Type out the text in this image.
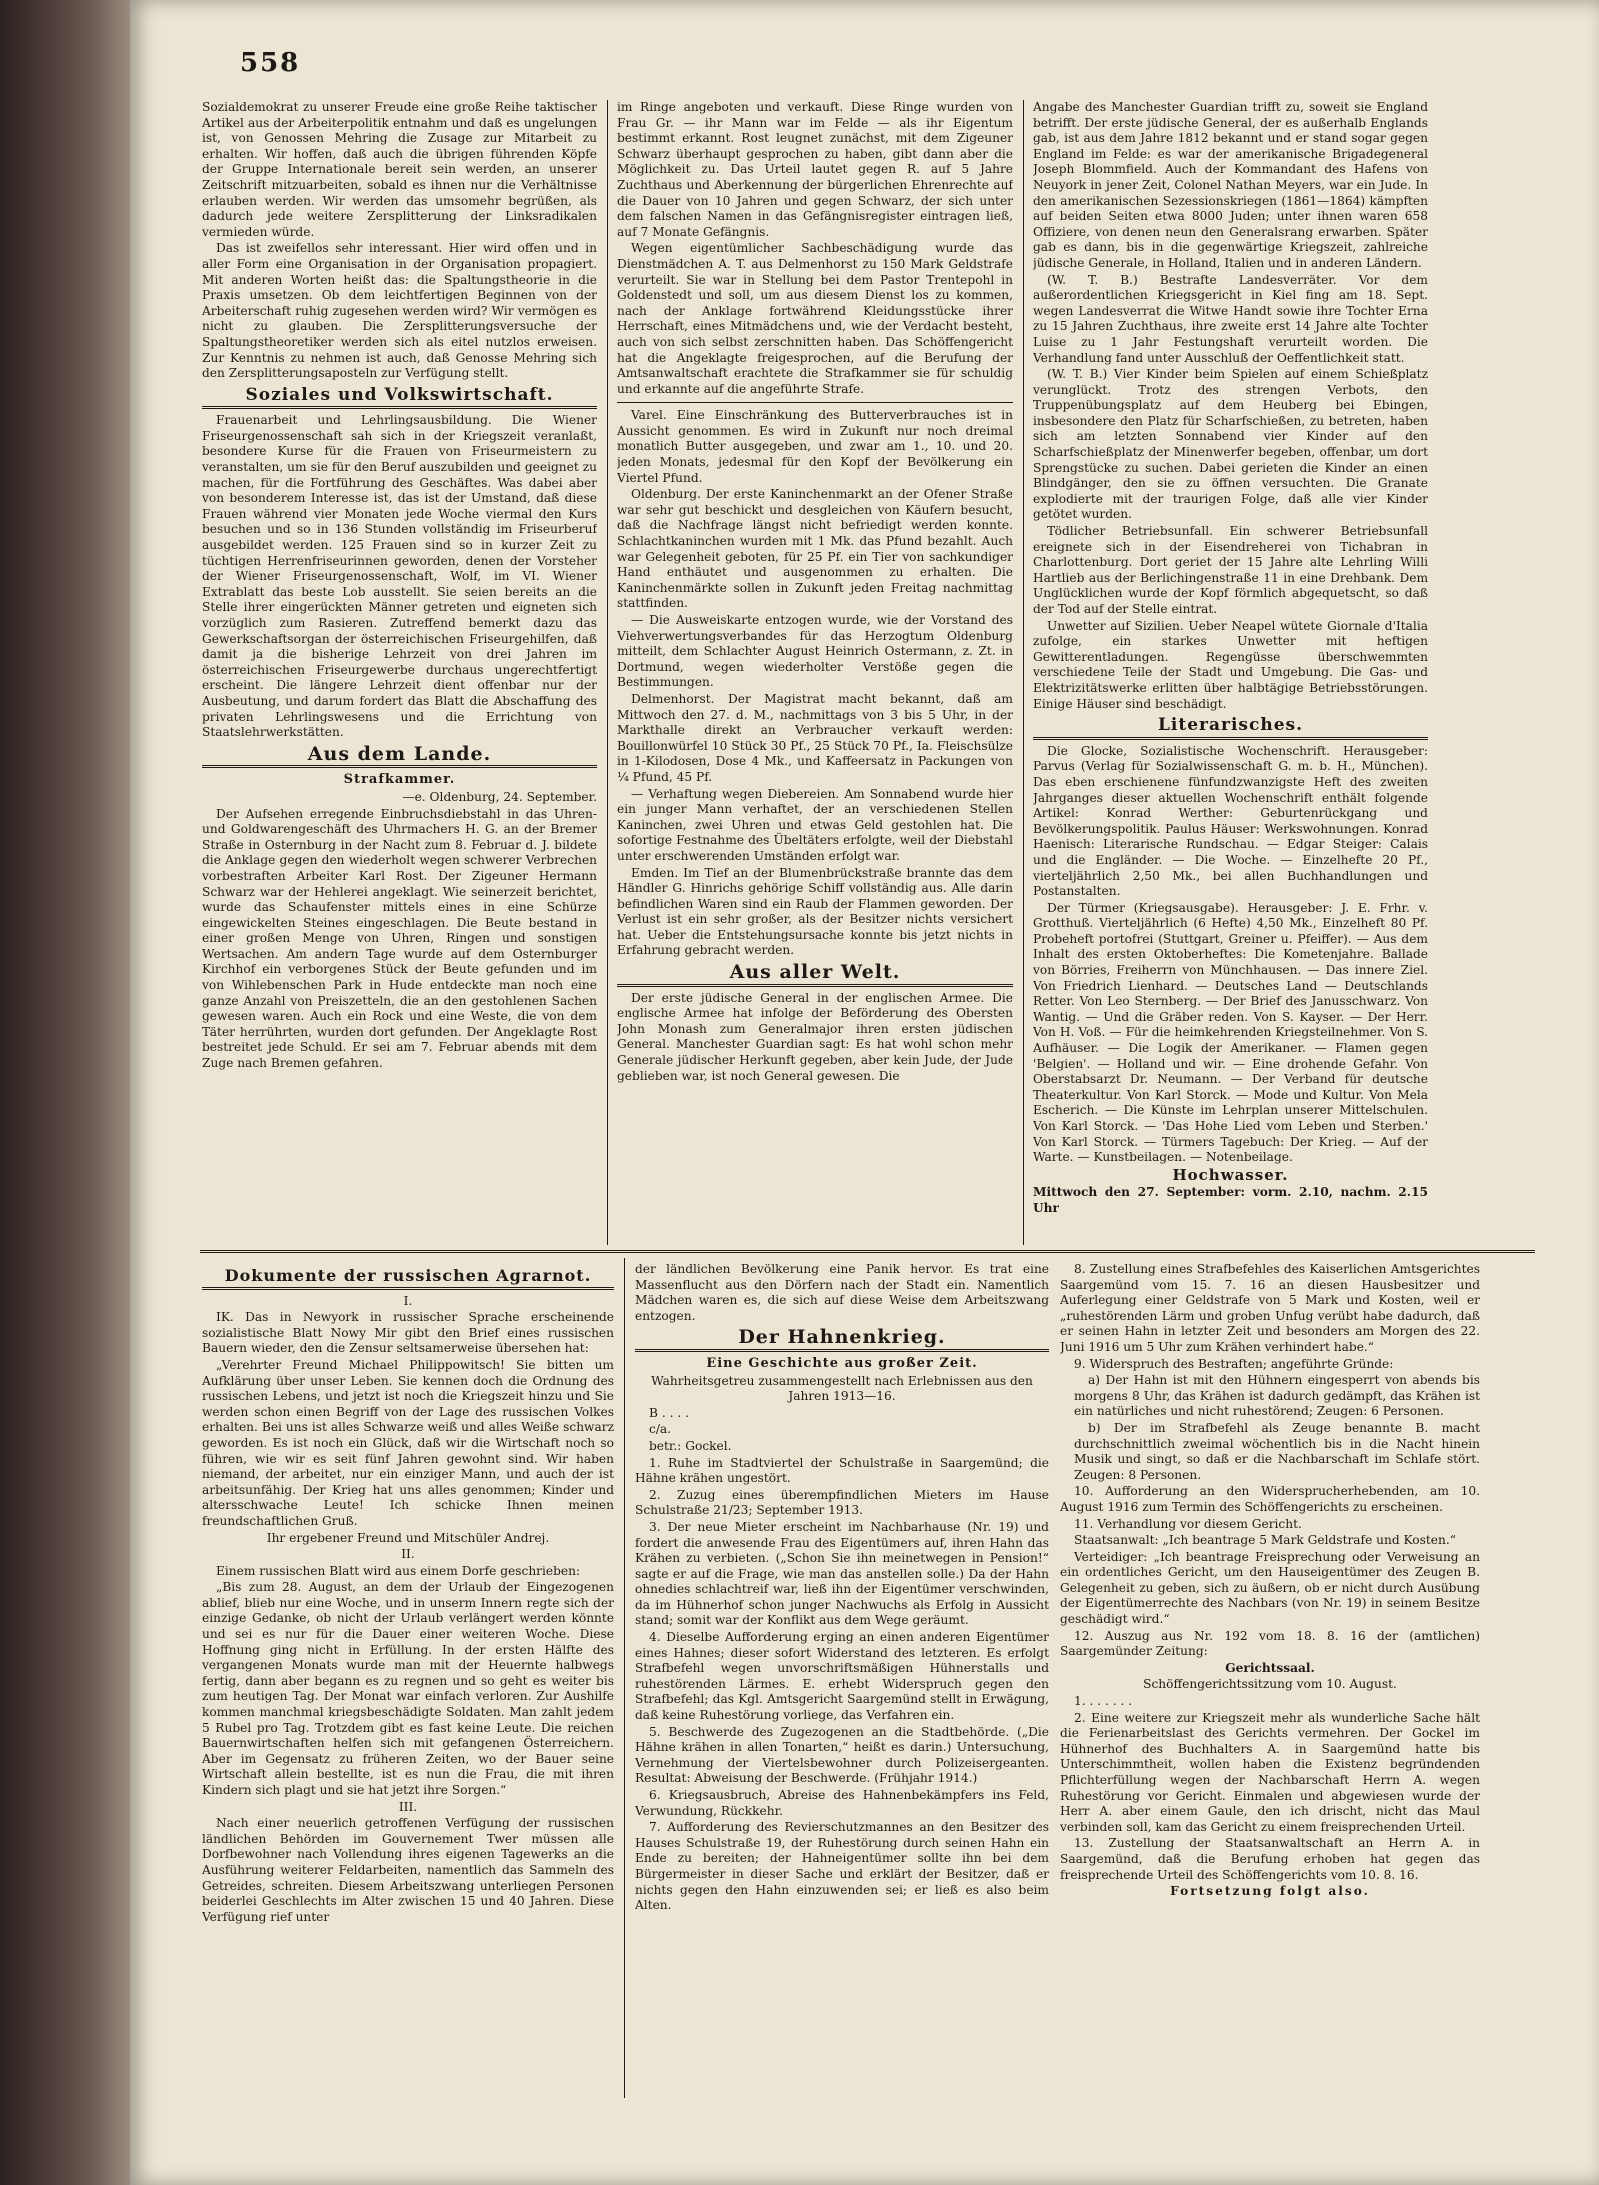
558

Sozialdemokrat zu unserer Freude eine große Reihe taktischer Artikel aus der Arbeiterpolitik entnahm und daß es ungelungen ist, von Genossen Mehring die Zusage zur Mitarbeit zu erhalten. Wir hoffen, daß auch die übrigen führenden Köpfe der Gruppe Internationale bereit sein werden, an unserer Zeitschrift mitzuarbeiten, sobald es ihnen nur die Verhältnisse erlauben werden. Wir werden das umsomehr begrüßen, als dadurch jede weitere Zersplitterung der Linksradikalen vermieden würde.

Das ist zweifellos sehr interessant. Hier wird offen und in aller Form eine Organisation in der Organisation propagiert. Mit anderen Worten heißt das: die Spaltungstheorie in die Praxis umsetzen. Ob dem leichtfertigen Beginnen von der Arbeiterschaft ruhig zugesehen werden wird? Wir vermögen es nicht zu glauben. Die Zersplitterungsversuche der Spaltungstheoretiker werden sich als eitel nutzlos erweisen. Zur Kenntnis zu nehmen ist auch, daß Genosse Mehring sich den Zersplitterungsaposteln zur Verfügung stellt.

Soziales und Volkswirtschaft.

Frauenarbeit und Lehrlingsausbildung. Die Wiener Friseurgenossenschaft sah sich in der Kriegszeit veranlaßt, besondere Kurse für die Frauen von Friseurmeistern zu veranstalten, um sie für den Beruf auszubilden und geeignet zu machen, für die Fortführung des Geschäftes. Was dabei aber von besonderem Interesse ist, das ist der Umstand, daß diese Frauen während vier Monaten jede Woche viermal den Kurs besuchen und so in 136 Stunden vollständig im Friseurberuf ausgebildet werden. 125 Frauen sind so in kurzer Zeit zu tüchtigen Herrenfriseurinnen geworden, denen der Vorsteher der Wiener Friseurgenossenschaft, Wolf, im VI. Wiener Extrablatt das beste Lob ausstellt. Sie seien bereits an die Stelle ihrer eingerückten Männer getreten und eigneten sich vorzüglich zum Rasieren. Zutreffend bemerkt dazu das Gewerkschaftsorgan der österreichischen Friseurgehilfen, daß damit ja die bisherige Lehrzeit von drei Jahren im österreichischen Friseurgewerbe durchaus ungerechtfertigt erscheint. Die längere Lehrzeit dient offenbar nur der Ausbeutung, und darum fordert das Blatt die Abschaffung des privaten Lehrlingswesens und die Errichtung von Staatslehrwerkstätten.

Aus dem Lande.
Strafkammer.

—e. Oldenburg, 24. September.

Der Aufsehen erregende Einbruchsdiebstahl in das Uhren- und Goldwarengeschäft des Uhrmachers H. G. an der Bremer Straße in Osternburg in der Nacht zum 8. Februar d. J. bildete die Anklage gegen den wiederholt wegen schwerer Verbrechen vorbestraften Arbeiter Karl Rost. Der Zigeuner Hermann Schwarz war der Hehlerei angeklagt. Wie seinerzeit berichtet, wurde das Schaufenster mittels eines in eine Schürze eingewickelten Steines eingeschlagen. Die Beute bestand in einer großen Menge von Uhren, Ringen und sonstigen Wertsachen. Am andern Tage wurde auf dem Osternburger Kirchhof ein verborgenes Stück der Beute gefunden und im von Wihlebenschen Park in Hude entdeckte man noch eine ganze Anzahl von Preiszetteln, die an den gestohlenen Sachen gewesen waren. Auch ein Rock und eine Weste, die von dem Täter herrührten, wurden dort gefunden. Der Angeklagte Rost bestreitet jede Schuld. Er sei am 7. Februar abends mit dem Zuge nach Bremen gefahren.

im Ringe angeboten und verkauft. Diese Ringe wurden von Frau Gr. — ihr Mann war im Felde — als ihr Eigentum bestimmt erkannt. Rost leugnet zunächst, mit dem Zigeuner Schwarz überhaupt gesprochen zu haben, gibt dann aber die Möglichkeit zu. Das Urteil lautet gegen R. auf 5 Jahre Zuchthaus und Aberkennung der bürgerlichen Ehrenrechte auf die Dauer von 10 Jahren und gegen Schwarz, der sich unter dem falschen Namen in das Gefängnisregister eintragen ließ, auf 7 Monate Gefängnis.

Wegen eigentümlicher Sachbeschädigung wurde das Dienstmädchen A. T. aus Delmenhorst zu 150 Mark Geldstrafe verurteilt. Sie war in Stellung bei dem Pastor Trentepohl in Goldenstedt und soll, um aus diesem Dienst los zu kommen, nach der Anklage fortwährend Kleidungsstücke ihrer Herrschaft, eines Mitmädchens und, wie der Verdacht besteht, auch von sich selbst zerschnitten haben. Das Schöffengericht hat die Angeklagte freigesprochen, auf die Berufung der Amtsanwaltschaft erachtete die Strafkammer sie für schuldig und erkannte auf die angeführte Strafe.

Varel. Eine Einschränkung des Butterverbrauches ist in Aussicht genommen. Es wird in Zukunft nur noch dreimal monatlich Butter ausgegeben, und zwar am 1., 10. und 20. jeden Monats, jedesmal für den Kopf der Bevölkerung ein Viertel Pfund.

Oldenburg. Der erste Kaninchenmarkt an der Ofener Straße war sehr gut beschickt und desgleichen von Käufern besucht, daß die Nachfrage längst nicht befriedigt werden konnte. Schlachtkaninchen wurden mit 1 Mk. das Pfund bezahlt. Auch war Gelegenheit geboten, für 25 Pf. ein Tier von sachkundiger Hand enthäutet und ausgenommen zu erhalten. Die Kaninchenmärkte sollen in Zukunft jeden Freitag nachmittag stattfinden.

— Die Ausweiskarte entzogen wurde, wie der Vorstand des Viehverwertungsverbandes für das Herzogtum Oldenburg mitteilt, dem Schlachter August Heinrich Ostermann, z. Zt. in Dortmund, wegen wiederholter Verstöße gegen die Bestimmungen.

Delmenhorst. Der Magistrat macht bekannt, daß am Mittwoch den 27. d. M., nachmittags von 3 bis 5 Uhr, in der Markthalle direkt an Verbraucher verkauft werden: Bouillonwürfel 10 Stück 30 Pf., 25 Stück 70 Pf., Ia. Fleischsülze in 1-Kilodosen, Dose 4 Mk., und Kaffeersatz in Packungen von ¼ Pfund, 45 Pf.

— Verhaftung wegen Diebereien. Am Sonnabend wurde hier ein junger Mann verhaftet, der an verschiedenen Stellen Kaninchen, zwei Uhren und etwas Geld gestohlen hat. Die sofortige Festnahme des Übeltäters erfolgte, weil der Diebstahl unter erschwerenden Umständen erfolgt war.

Emden. Im Tief an der Blumenbrückstraße brannte das dem Händler G. Hinrichs gehörige Schiff vollständig aus. Alle darin befindlichen Waren sind ein Raub der Flammen geworden. Der Verlust ist ein sehr großer, als der Besitzer nichts versichert hat. Ueber die Entstehungsursache konnte bis jetzt nichts in Erfahrung gebracht werden.

Aus aller Welt.

Der erste jüdische General in der englischen Armee. Die englische Armee hat infolge der Beförderung des Obersten John Monash zum Generalmajor ihren ersten jüdischen General. Manchester Guardian sagt: Es hat wohl schon mehr Generale jüdischer Herkunft gegeben, aber kein Jude, der Jude geblieben war, ist noch General gewesen. Die

Angabe des Manchester Guardian trifft zu, soweit sie England betrifft. Der erste jüdische General, der es außerhalb Englands gab, ist aus dem Jahre 1812 bekannt und er stand sogar gegen England im Felde: es war der amerikanische Brigadegeneral Joseph Blommfield. Auch der Kommandant des Hafens von Neuyork in jener Zeit, Colonel Nathan Meyers, war ein Jude. In den amerikanischen Sezessionskriegen (1861—1864) kämpften auf beiden Seiten etwa 8000 Juden; unter ihnen waren 658 Offiziere, von denen neun den Generalsrang erwarben. Später gab es dann, bis in die gegenwärtige Kriegszeit, zahlreiche jüdische Generale, in Holland, Italien und in anderen Ländern.

(W. T. B.) Bestrafte Landesverräter. Vor dem außerordentlichen Kriegsgericht in Kiel fing am 18. Sept. wegen Landesverrat die Witwe Handt sowie ihre Tochter Erna zu 15 Jahren Zuchthaus, ihre zweite erst 14 Jahre alte Tochter Luise zu 1 Jahr Festungshaft verurteilt worden. Die Verhandlung fand unter Ausschluß der Oeffentlichkeit statt.

(W. T. B.) Vier Kinder beim Spielen auf einem Schießplatz verunglückt. Trotz des strengen Verbots, den Truppenübungsplatz auf dem Heuberg bei Ebingen, insbesondere den Platz für Scharfschießen, zu betreten, haben sich am letzten Sonnabend vier Kinder auf den Scharfschießplatz der Minenwerfer begeben, offenbar, um dort Sprengstücke zu suchen. Dabei gerieten die Kinder an einen Blindgänger, den sie zu öffnen versuchten. Die Granate explodierte mit der traurigen Folge, daß alle vier Kinder getötet wurden.

Tödlicher Betriebsunfall. Ein schwerer Betriebsunfall ereignete sich in der Eisendreherei von Tichabran in Charlottenburg. Dort geriet der 15 Jahre alte Lehrling Willi Hartlieb aus der Berlichingenstraße 11 in eine Drehbank. Dem Unglücklichen wurde der Kopf förmlich abgequetscht, so daß der Tod auf der Stelle eintrat.

Unwetter auf Sizilien. Ueber Neapel wütete Giornale d'Italia zufolge, ein starkes Unwetter mit heftigen Gewitterentladungen. Regengüsse überschwemmten verschiedene Teile der Stadt und Umgebung. Die Gas- und Elektrizitätswerke erlitten über halbtägige Betriebsstörungen. Einige Häuser sind beschädigt.

Literarisches.

Die Glocke, Sozialistische Wochenschrift. Herausgeber: Parvus (Verlag für Sozialwissenschaft G. m. b. H., München). Das eben erschienene fünfundzwanzigste Heft des zweiten Jahrganges dieser aktuellen Wochenschrift enthält folgende Artikel: Konrad Werther: Geburtenrückgang und Bevölkerungspolitik. Paulus Häuser: Werkswohnungen. Konrad Haenisch: Literarische Rundschau. — Edgar Steiger: Calais und die Engländer. — Die Woche. — Einzelhefte 20 Pf., vierteljährlich 2,50 Mk., bei allen Buchhandlungen und Postanstalten.

Der Türmer (Kriegsausgabe). Herausgeber: J. E. Frhr. v. Grotthuß. Vierteljährlich (6 Hefte) 4,50 Mk., Einzelheft 80 Pf. Probeheft portofrei (Stuttgart, Greiner u. Pfeiffer). — Aus dem Inhalt des ersten Oktoberheftes: Die Kometenjahre. Ballade von Börries, Freiherrn von Münchhausen. — Das innere Ziel. Von Friedrich Lienhard. — Deutsches Land — Deutschlands Retter. Von Leo Sternberg. — Der Brief des Janusschwarz. Von Wantig. — Und die Gräber reden. Von S. Kayser. — Der Herr. Von H. Voß. — Für die heimkehrenden Kriegsteilnehmer. Von S. Aufhäuser. — Die Logik der Amerikaner. — Flamen gegen 'Belgien'. — Holland und wir. — Eine drohende Gefahr. Von Oberstabsarzt Dr. Neumann. — Der Verband für deutsche Theaterkultur. Von Karl Storck. — Mode und Kultur. Von Mela Escherich. — Die Künste im Lehrplan unserer Mittelschulen. Von Karl Storck. — 'Das Hohe Lied vom Leben und Sterben.' Von Karl Storck. — Türmers Tagebuch: Der Krieg. — Auf der Warte. — Kunstbeilagen. — Notenbeilage.

Hochwasser.

Mittwoch den 27. September: vorm. 2.10, nachm. 2.15 Uhr

Dokumente der russischen Agrarnot.

I.

IK. Das in Newyork in russischer Sprache erscheinende sozialistische Blatt Nowy Mir gibt den Brief eines russischen Bauern wieder, den die Zensur seltsamerweise übersehen hat:

„Verehrter Freund Michael Philippowitsch! Sie bitten um Aufklärung über unser Leben. Sie kennen doch die Ordnung des russischen Lebens, und jetzt ist noch die Kriegszeit hinzu und Sie werden schon einen Begriff von der Lage des russischen Volkes erhalten. Bei uns ist alles Schwarze weiß und alles Weiße schwarz geworden. Es ist noch ein Glück, daß wir die Wirtschaft noch so führen, wie wir es seit fünf Jahren gewohnt sind. Wir haben niemand, der arbeitet, nur ein einziger Mann, und auch der ist arbeitsunfähig. Der Krieg hat uns alles genommen; Kinder und altersschwache Leute! Ich schicke Ihnen meinen freundschaftlichen Gruß.

Ihr ergebener Freund und Mitschüler Andrej.

II.

Einem russischen Blatt wird aus einem Dorfe geschrieben:

„Bis zum 28. August, an dem der Urlaub der Eingezogenen ablief, blieb nur eine Woche, und in unserm Innern regte sich der einzige Gedanke, ob nicht der Urlaub verlängert werden könnte und sei es nur für die Dauer einer weiteren Woche. Diese Hoffnung ging nicht in Erfüllung. In der ersten Hälfte des vergangenen Monats wurde man mit der Heuernte halbwegs fertig, dann aber begann es zu regnen und so geht es weiter bis zum heutigen Tag. Der Monat war einfach verloren. Zur Aushilfe kommen manchmal kriegsbeschädigte Soldaten. Man zahlt jedem 5 Rubel pro Tag. Trotzdem gibt es fast keine Leute. Die reichen Bauernwirtschaften helfen sich mit gefangenen Österreichern. Aber im Gegensatz zu früheren Zeiten, wo der Bauer seine Wirtschaft allein bestellte, ist es nun die Frau, die mit ihren Kindern sich plagt und sie hat jetzt ihre Sorgen.“

III.

Nach einer neuerlich getroffenen Verfügung der russischen ländlichen Behörden im Gouvernement Twer müssen alle Dorfbewohner nach Vollendung ihres eigenen Tagewerks an die Ausführung weiterer Feldarbeiten, namentlich das Sammeln des Getreides, schreiten. Diesem Arbeitszwang unterliegen Personen beiderlei Geschlechts im Alter zwischen 15 und 40 Jahren. Diese Verfügung rief unter

der ländlichen Bevölkerung eine Panik hervor. Es trat eine Massenflucht aus den Dörfern nach der Stadt ein. Namentlich Mädchen waren es, die sich auf diese Weise dem Arbeitszwang entzogen.

Der Hahnenkrieg.
Eine Geschichte aus großer Zeit.

Wahrheitsgetreu zusammengestellt nach Erlebnissen aus den Jahren 1913—16.

B . . . .

c/a.

betr.: Gockel.

1. Ruhe im Stadtviertel der Schulstraße in Saargemünd; die Hähne krähen ungestört.

2. Zuzug eines überempfindlichen Mieters im Hause Schulstraße 21/23; September 1913.

3. Der neue Mieter erscheint im Nachbarhause (Nr. 19) und fordert die anwesende Frau des Eigentümers auf, ihren Hahn das Krähen zu verbieten. („Schon Sie ihn meinetwegen in Pension!“ sagte er auf die Frage, wie man das anstellen solle.) Da der Hahn ohnedies schlachtreif war, ließ ihn der Eigentümer verschwinden, da im Hühnerhof schon junger Nachwuchs als Erfolg in Aussicht stand; somit war der Konflikt aus dem Wege geräumt.

4. Dieselbe Aufforderung erging an einen anderen Eigentümer eines Hahnes; dieser sofort Widerstand des letzteren. Es erfolgt Strafbefehl wegen unvorschriftsmäßigen Hühnerstalls und ruhestörenden Lärmes. E. erhebt Widerspruch gegen den Strafbefehl; das Kgl. Amtsgericht Saargemünd stellt in Erwägung, daß keine Ruhestörung vorliege, das Verfahren ein.

5. Beschwerde des Zugezogenen an die Stadtbehörde. („Die Hähne krähen in allen Tonarten,“ heißt es darin.) Untersuchung, Vernehmung der Viertelsbewohner durch Polizeisergeanten. Resultat: Abweisung der Beschwerde. (Frühjahr 1914.)

6. Kriegsausbruch, Abreise des Hahnenbekämpfers ins Feld, Verwundung, Rückkehr.

7. Aufforderung des Revierschutzmannes an den Besitzer des Hauses Schulstraße 19, der Ruhestörung durch seinen Hahn ein Ende zu bereiten; der Hahneigentümer sollte ihn bei dem Bürgermeister in dieser Sache und erklärt der Besitzer, daß er nichts gegen den Hahn einzuwenden sei; er ließ es also beim Alten.

8. Zustellung eines Strafbefehles des Kaiserlichen Amtsgerichtes Saargemünd vom 15. 7. 16 an diesen Hausbesitzer und Auferlegung einer Geldstrafe von 5 Mark und Kosten, weil er „ruhestörenden Lärm und groben Unfug verübt habe dadurch, daß er seinen Hahn in letzter Zeit und besonders am Morgen des 22. Juni 1916 um 5 Uhr zum Krähen verhindert habe.“

9. Widerspruch des Bestraften; angeführte Gründe:

a) Der Hahn ist mit den Hühnern eingesperrt von abends bis morgens 8 Uhr, das Krähen ist dadurch gedämpft, das Krähen ist ein natürliches und nicht ruhestörend; Zeugen: 6 Personen.

b) Der im Strafbefehl als Zeuge benannte B. macht durchschnittlich zweimal wöchentlich bis in die Nacht hinein Musik und singt, so daß er die Nachbarschaft im Schlafe stört. Zeugen: 8 Personen.

10. Aufforderung an den Widersprucherhebenden, am 10. August 1916 zum Termin des Schöffengerichts zu erscheinen.

11. Verhandlung vor diesem Gericht.

Staatsanwalt: „Ich beantrage 5 Mark Geldstrafe und Kosten.“

Verteidiger: „Ich beantrage Freisprechung oder Verweisung an ein ordentliches Gericht, um den Hauseigentümer des Zeugen B. Gelegenheit zu geben, sich zu äußern, ob er nicht durch Ausübung der Eigentümerrechte des Nachbars (von Nr. 19) in seinem Besitze geschädigt wird.“

12. Auszug aus Nr. 192 vom 18. 8. 16 der (amtlichen) Saargemünder Zeitung:

Gerichtssaal.

Schöffengerichtssitzung vom 10. August.

1. . . . . . .

2. Eine weitere zur Kriegszeit mehr als wunderliche Sache hält die Ferienarbeitslast des Gerichts vermehren. Der Gockel im Hühnerhof des Buchhalters A. in Saargemünd hatte bis Unterschimmtheit, wollen haben die Existenz begründenden Pflichterfüllung wegen der Nachbarschaft Herrn A. wegen Ruhestörung vor Gericht. Einmalen und abgewiesen wurde der Herr A. aber einem Gaule, den ich drischt, nicht das Maul verbinden soll, kam das Gericht zu einem freisprechenden Urteil.

13. Zustellung der Staatsanwaltschaft an Herrn A. in Saargemünd, daß die Berufung erhoben hat gegen das freisprechende Urteil des Schöffengerichts vom 10. 8. 16.

Fortsetzung folgt also.
